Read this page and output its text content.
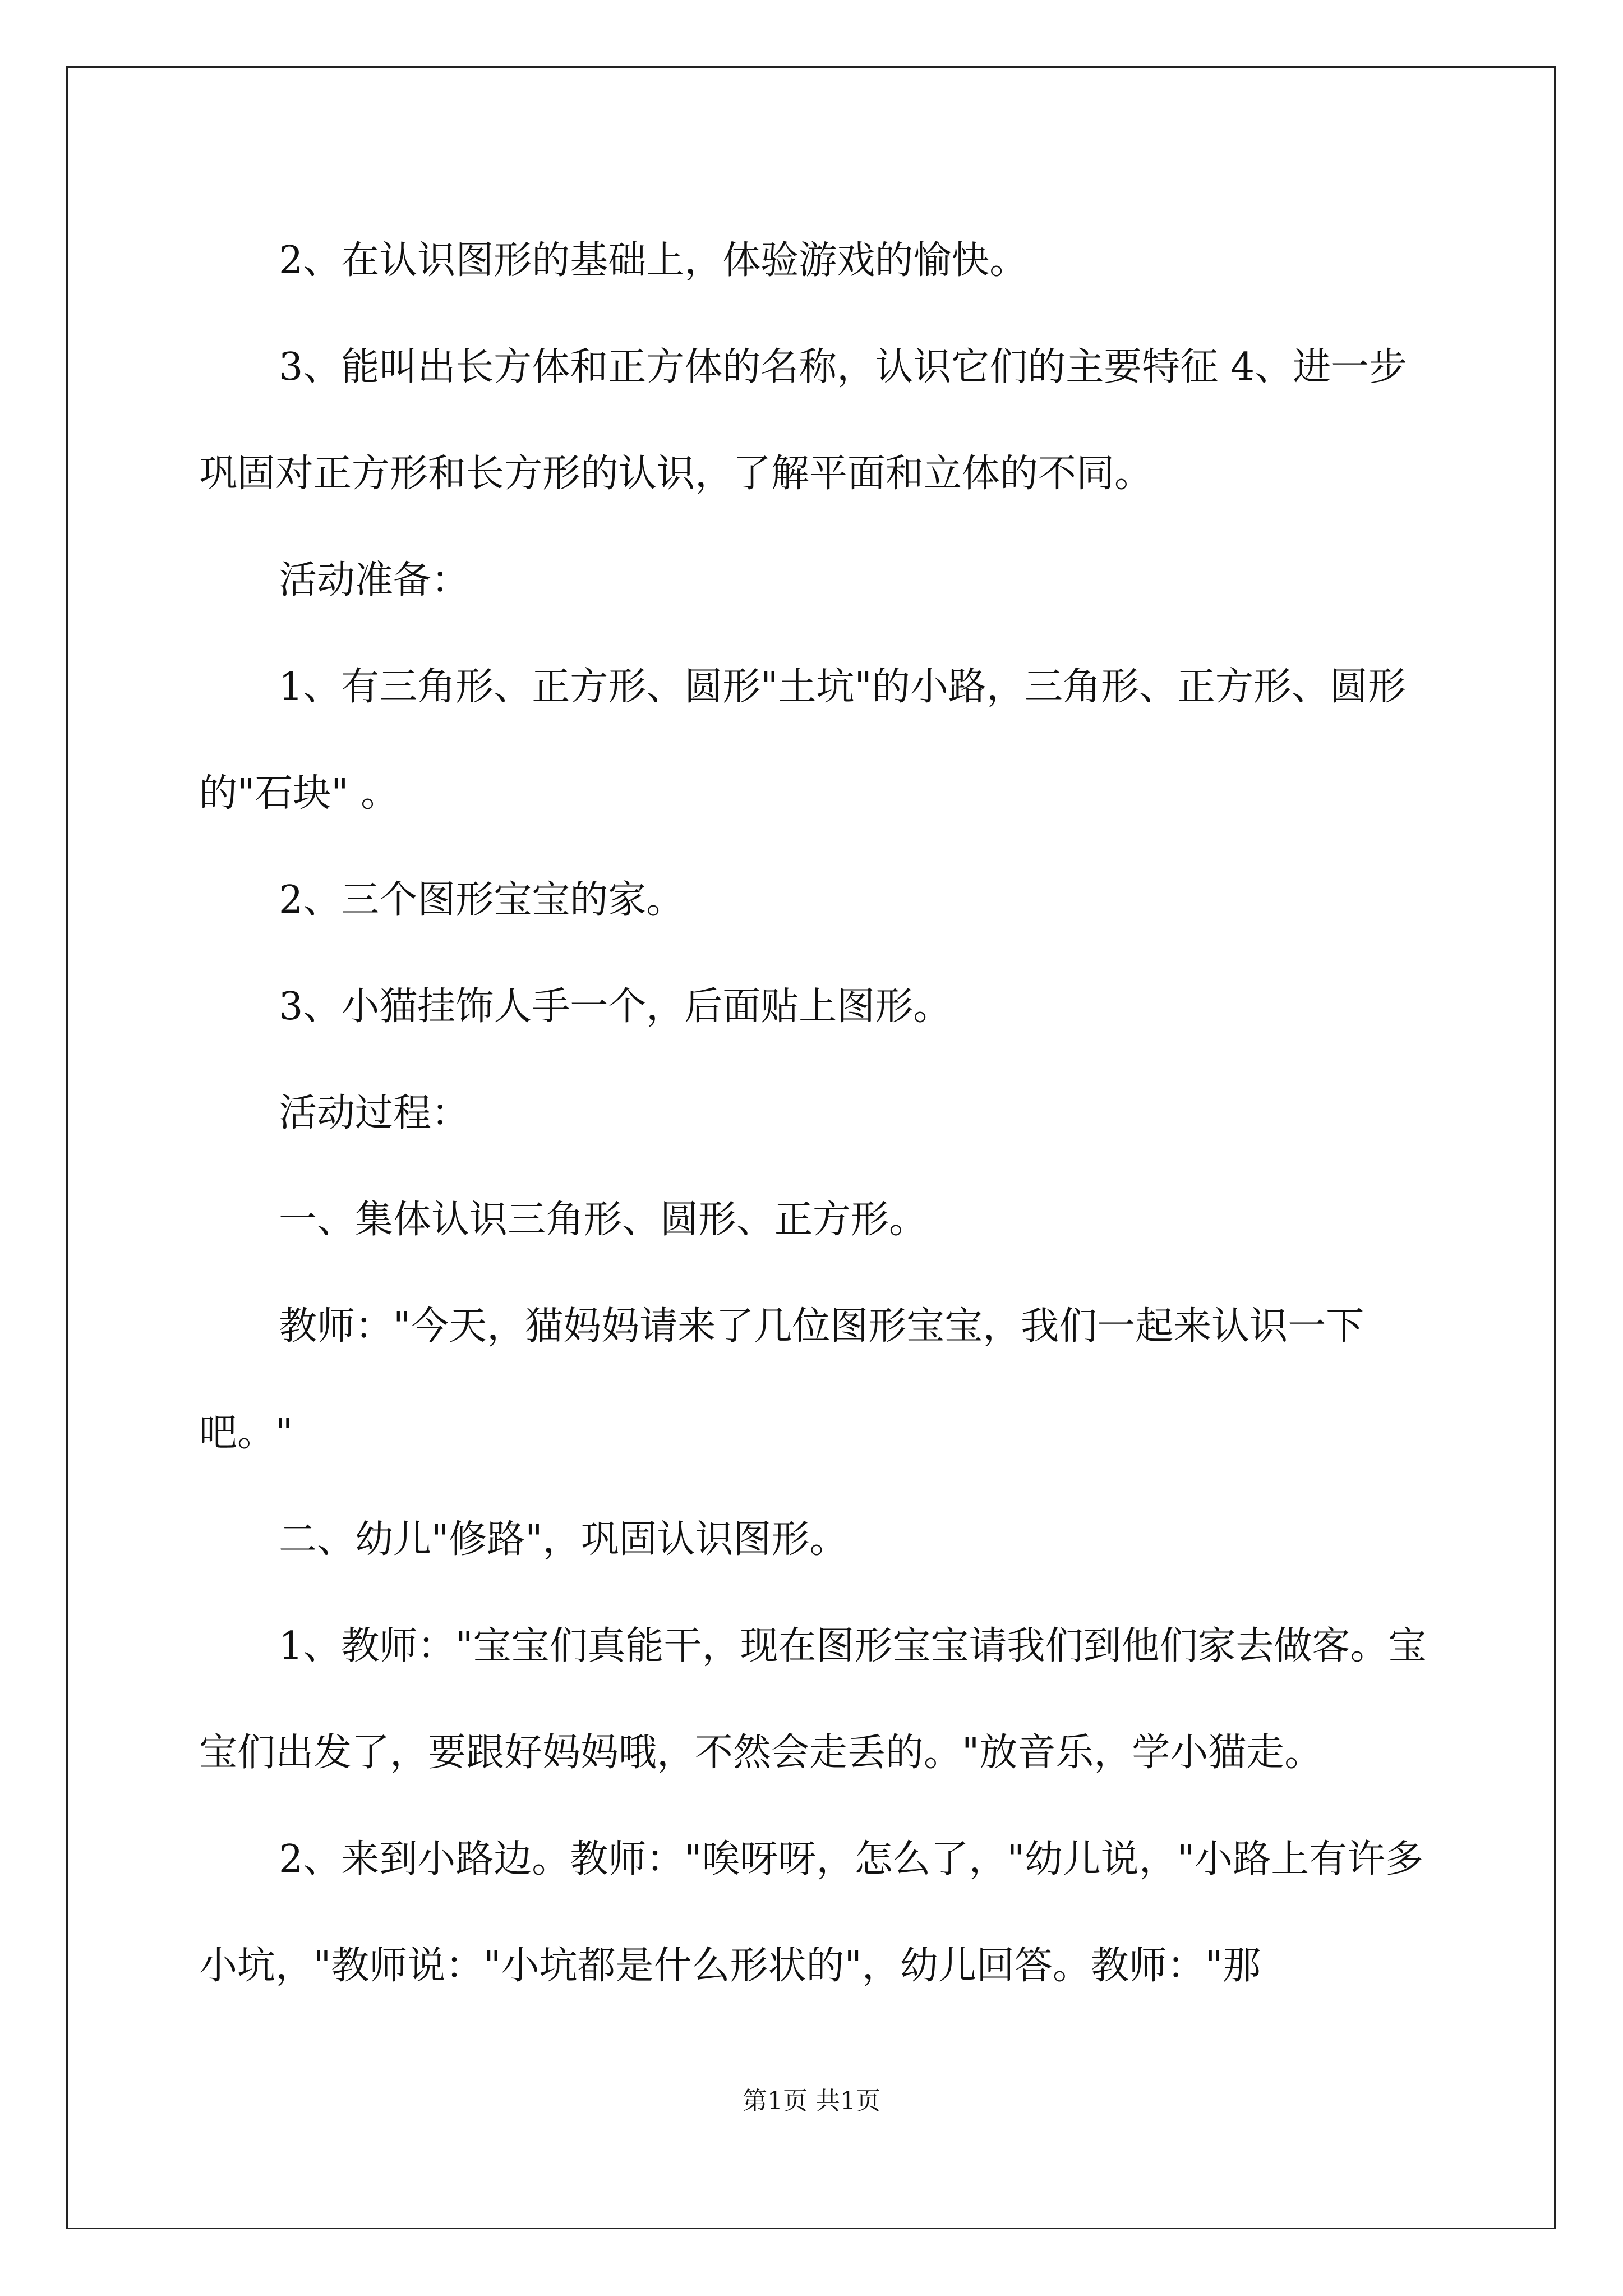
2、在认识图形的基础上，体验游戏的愉快。

3、能叫出长方体和正方体的名称，认识它们的主要特征 4、进一步巩固对正方形和长方形的认识，了解平面和立体的不同。

活动准备：

1、有三角形、正方形、圆形"土坑"的小路，三角形、正方形、圆形的"石块" 。

2、三个图形宝宝的家。

3、小猫挂饰人手一个，后面贴上图形。

活动过程：

一、集体认识三角形、圆形、正方形。

教师："今天，猫妈妈请来了几位图形宝宝，我们一起来认识一下吧。"

二、幼儿"修路"，巩固认识图形。

1、教师："宝宝们真能干，现在图形宝宝请我们到他们家去做客。宝宝们出发了，要跟好妈妈哦，不然会走丢的。"放音乐，学小猫走。

2、来到小路边。教师："唉呀呀，怎么了，"幼儿说，"小路上有许多小坑，"教师说："小坑都是什么形状的"，幼儿回答。教师："那

第1页 共1页
